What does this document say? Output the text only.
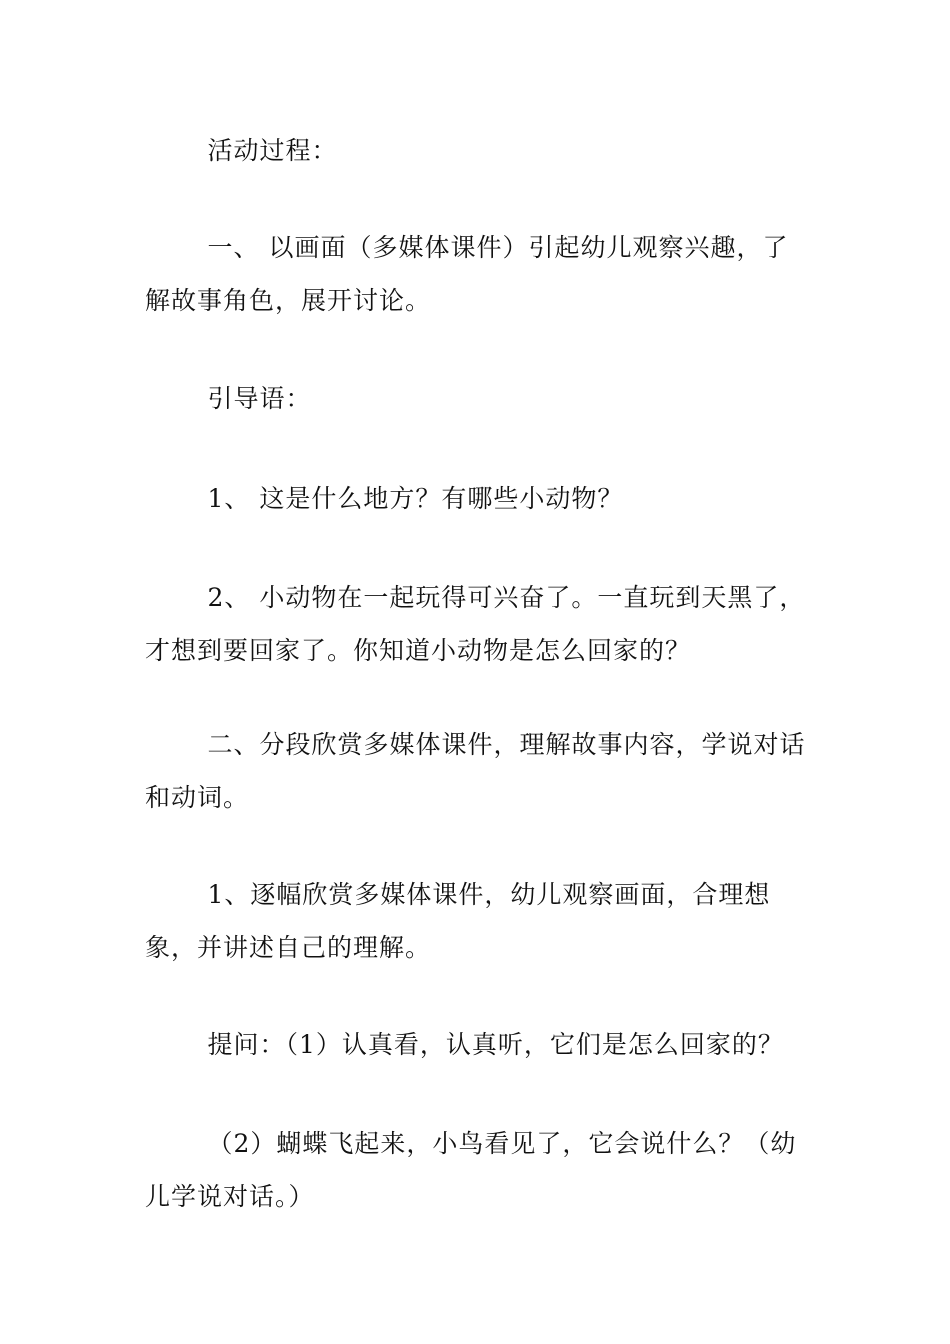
活动过程：

一、 以画面（多媒体课件）引起幼儿观察兴趣，了解故事角色，展开讨论。

引导语：

1、 这是什么地方？有哪些小动物？

2、 小动物在一起玩得可兴奋了。一直玩到天黑了，才想到要回家了。你知道小动物是怎么回家的？

二、分段欣赏多媒体课件，理解故事内容，学说对话和动词。

1、逐幅欣赏多媒体课件，幼儿观察画面，合理想象，并讲述自己的理解。

提问：（1）认真看，认真听，它们是怎么回家的？

（2）蝴蝶飞起来，小鸟看见了，它会说什么？（幼儿学说对话。）
